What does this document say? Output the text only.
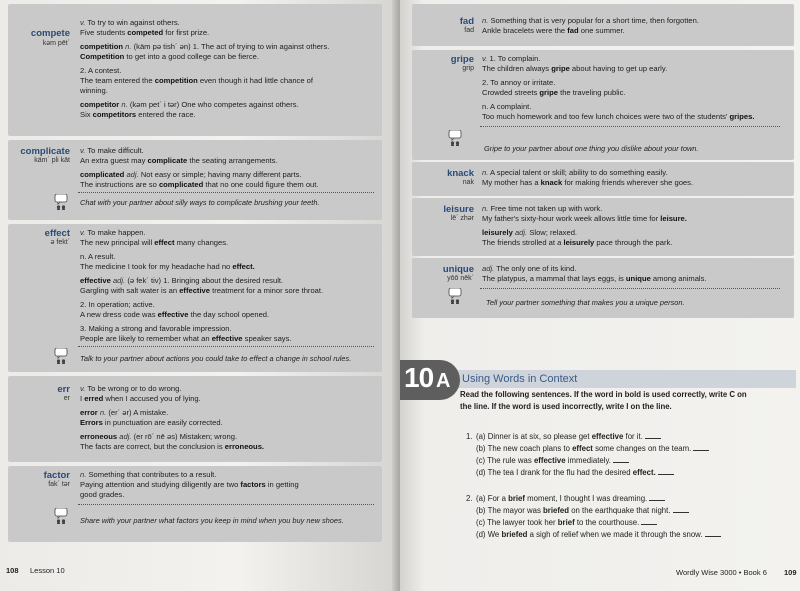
compete
kəm pēt´
v. To try to win against others.
Five students competed for first prize.
competition n. (käm pə tish´ ən) 1. The act of trying to win against others.
Competition to get into a good college can be fierce.
2. A contest.
The team entered the competition even though it had little chance of
winning.
competitor n. (kəm pet´ i tər) One who competes against others.
Six competitors entered the race.
complicate
käm´ pli kāt
v. To make difficult.
An extra guest may complicate the seating arrangements.
complicated adj. Not easy or simple; having many different parts.
The instructions are so complicated that no one could figure them out.
Chat with your partner about silly ways to complicate brushing your teeth.
effect
ə fekt´
v. To make happen.
The new principal will effect many changes.
n. A result.
The medicine I took for my headache had no effect.
effective adj. (ə fek´ tiv) 1. Bringing about the desired result.
Gargling with salt water is an effective treatment for a minor sore throat.
2. In operation; active.
A new dress code was effective the day school opened.
3. Making a strong and favorable impression.
People are likely to remember what an effective speaker says.
Talk to your partner about actions you could take to effect a change in school rules.
err
er
v. To be wrong or to do wrong.
I erred when I accused you of lying.
error n. (er´ ər) A mistake.
Errors in punctuation are easily corrected.
erroneous adj. (er rō´ nē əs) Mistaken; wrong.
The facts are correct, but the conclusion is erroneous.
factor
fak´ tər
n. Something that contributes to a result.
Paying attention and studying diligently are two factors in getting
good grades.
Share with your partner what factors you keep in mind when you buy new shoes.
108 Lesson 10
fad
fad
n. Something that is very popular for a short time, then forgotten.
Ankle bracelets were the fad one summer.
gripe
grip
v. 1. To complain.
The children always gripe about having to get up early.
2. To annoy or irritate.
Crowded streets gripe the traveling public.
n. A complaint.
Too much homework and too few lunch choices were two of the students' gripes.
Gripe to your partner about one thing you dislike about your town.
knack
nak
n. A special talent or skill; ability to do something easily.
My mother has a knack for making friends wherever she goes.
leisure
lē´ zhər
n. Free time not taken up with work.
My father's sixty-hour work week allows little time for leisure.
leisurely adj. Slow; relaxed.
The friends strolled at a leisurely pace through the park.
unique
yōō nēk´
adj. The only one of its kind.
The platypus, a mammal that lays eggs, is unique among animals.
Tell your partner something that makes you a unique person.
10 A Using Words in Context
Read the following sentences. If the word in bold is used correctly, write C on
the line. If the word is used incorrectly, write I on the line.
1. (a) Dinner is at six, so please get effective for it.
(b) The new coach plans to effect some changes on the team.
(c) The rule was effective immediately.
(d) The tea I drank for the flu had the desired effect.
2. (a) For a brief moment, I thought I was dreaming.
(b) The mayor was briefed on the earthquake that night.
(c) The lawyer took her brief to the courthouse.
(d) We briefed a sigh of relief when we made it through the snow.
Wordly Wise 3000 • Book 6 109
